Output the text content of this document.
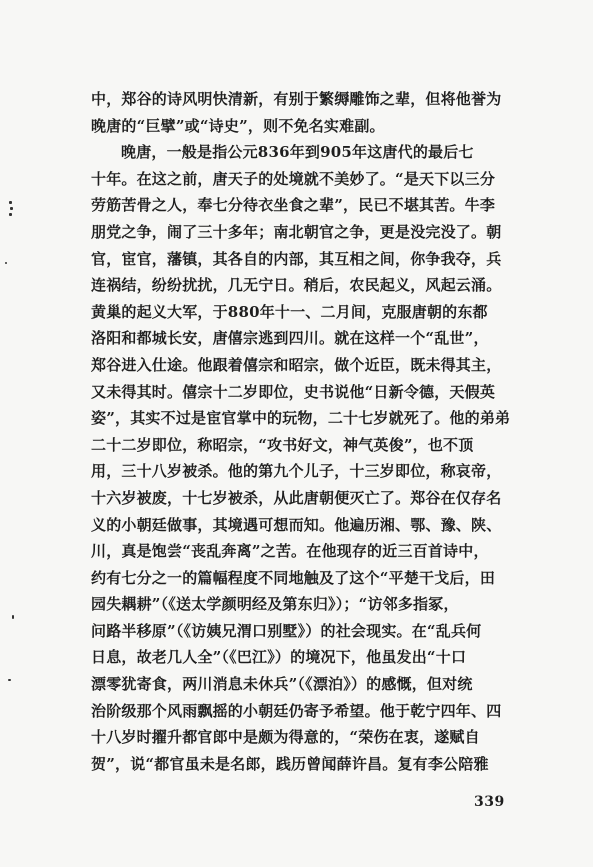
中，郑谷的诗风明快清新，有别于繁缛雕饰之辈，但将他誉为
晚唐的“巨擘”或“诗史”，则不免名实难副。
晚唐，一般是指公元836年到905年这唐代的最后七
十年。在这之前，唐天子的处境就不美妙了。“是天下以三分
劳筋苦骨之人，奉七分待衣坐食之辈”，民已不堪其苦。牛李
朋党之争，闹了三十多年；南北朝官之争，更是没完没了。朝
官，宦官，藩镇，其各自的内部，其互相之间，你争我夺，兵
连祸结，纷纷扰扰，几无宁日。稍后，农民起义，风起云涌。
黄巢的起义大军，于880年十一、二月间，克服唐朝的东都
洛阳和都城长安，唐僖宗逃到四川。就在这样一个“乱世”，
郑谷进入仕途。他跟着僖宗和昭宗，做个近臣，既未得其主，
又未得其时。僖宗十二岁即位，史书说他“日新令德，天假英
姿”，其实不过是宦官掌中的玩物，二十七岁就死了。他的弟弟
二十二岁即位，称昭宗，“攻书好文，神气英俊”，也不顶
用，三十八岁被杀。他的第九个儿子，十三岁即位，称哀帝，
十六岁被废，十七岁被杀，从此唐朝便灭亡了。郑谷在仅存名
义的小朝廷做事，其境遇可想而知。他遍历湘、鄂、豫、陕、
川，真是饱尝“丧乱奔离”之苦。在他现存的近三百首诗中，
约有七分之一的篇幅程度不同地触及了这个“平楚干戈后，田
园失耦耕”（《送太学颜明经及第东归》）；“访邻多指冢，
问路半移原”（《访姨兄渭口别墅》）的社会现实。在“乱兵何
日息，故老几人全”（《巴江》）的境况下，他虽发出“十口
漂零犹寄食，两川消息未休兵”（《漂泊》）的感慨，但对统
治阶级那个风雨飘摇的小朝廷仍寄予希望。他于乾宁四年、四
十八岁时擢升都官郎中是颇为得意的，“荣伤在衷，遂赋自
贺”，说“都官虽未是名郎，践历曾闻薛许昌。复有李公陪雅
339
